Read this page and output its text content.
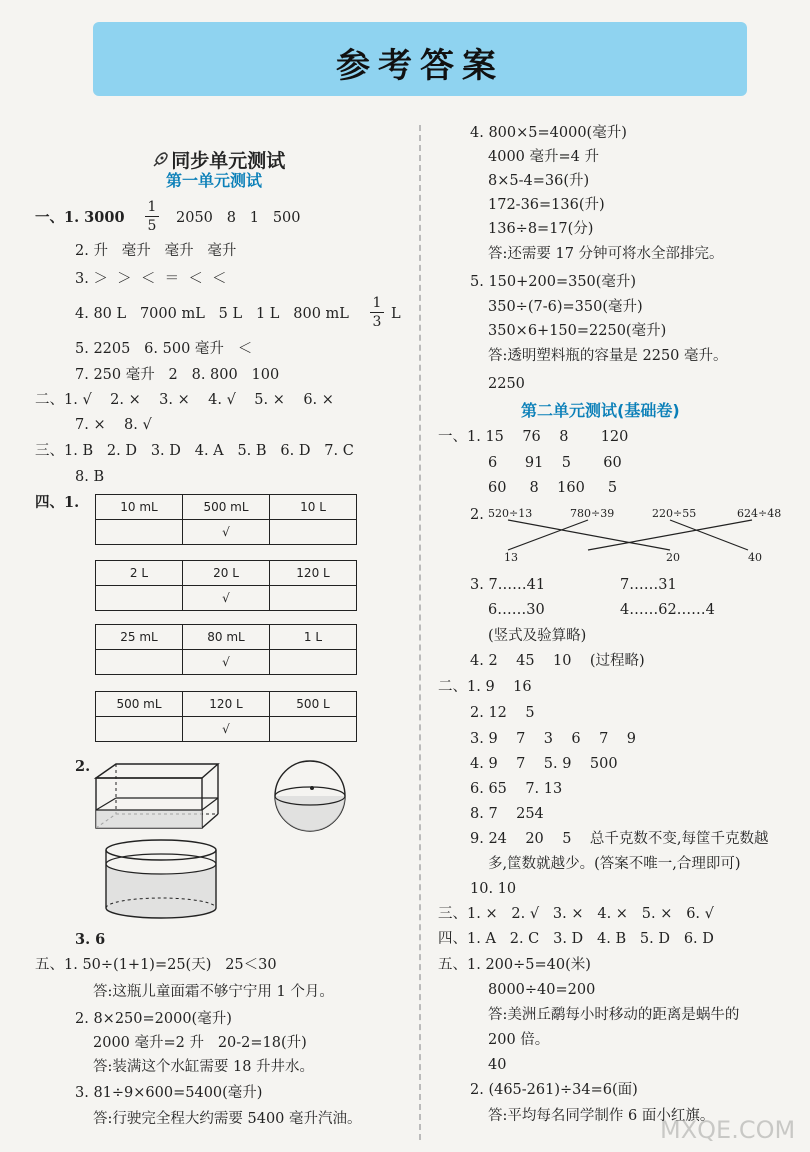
参考答案

同步单元测试

第一单元测试
一、1. 3000
1
5 2050   8   1   500
2. 升   毫升   毫升   毫升
3. ＞  ＞  ＜  ＝  ＜  ＜
4. 80 L   7000 mL   5 L   1 L   800 mL
1
3 L
5. 2205   6. 500 毫升   ＜
7. 250 毫升   2   8. 800   100
二、1. √    2. ×    3. ×    4. √    5. ×    6. ×
7. ×    8. √
三、1. B   2. D   3. D   4. A   5. B   6. D   7. C
8. B
四、1.	10 mL	500 mL	10 L
	√	
2 L	20 L	120 L
	√	
25 mL	80 mL	1 L
	√	
500 mL	120 L	500 L
	√	
2.
3. 6
五、1. 50÷(1+1)=25(天)   25＜30
答:这瓶儿童面霜不够宁宁用 1 个月。
2. 8×250=2000(毫升)
2000 毫升=2 升   20-2=18(升)
答:装满这个水缸需要 18 升井水。
3. 81÷9×600=5400(毫升)
答:行驶完全程大约需要 5400 毫升汽油。
4. 800×5=4000(毫升)
4000 毫升=4 升
8×5-4=36(升)
172-36=136(升)
136÷8=17(分)
答:还需要 17 分钟可将水全部排完。
5. 150+200=350(毫升)
350÷(7-6)=350(毫升)
350×6+150=2250(毫升)
答:透明塑料瓶的容量是 2250 毫升。
2250
第二单元测试(基础卷)
一、1. 15    76    8       120
6      91    5       60
60     8    160     5
2. 520÷13	780÷39	220÷55	624÷48
13	20	40
3. 7……41	7……31
6……30	4……62……4
(竖式及验算略)
4. 2    45    10    (过程略)
二、1. 9    16
2. 12    5
3. 9    7    3    6    7    9
4. 9    7    5. 9    500
6. 65    7. 13
8. 7    254
9. 24    20    5    总千克数不变,每筐千克数越
多,筐数就越少。(答案不唯一,合理即可)
10. 10
三、1. ×   2. √   3. ×   4. ×   5. ×   6. √
四、1. A   2. C   3. D   4. B   5. D   6. D
五、1. 200÷5=40(米)
8000÷40=200
答:美洲丘鹬每小时移动的距离是蜗牛的
200 倍。
40
2. (465-261)÷34=6(面)
答:平均每名同学制作 6 面小红旗。
MXQE.COM
